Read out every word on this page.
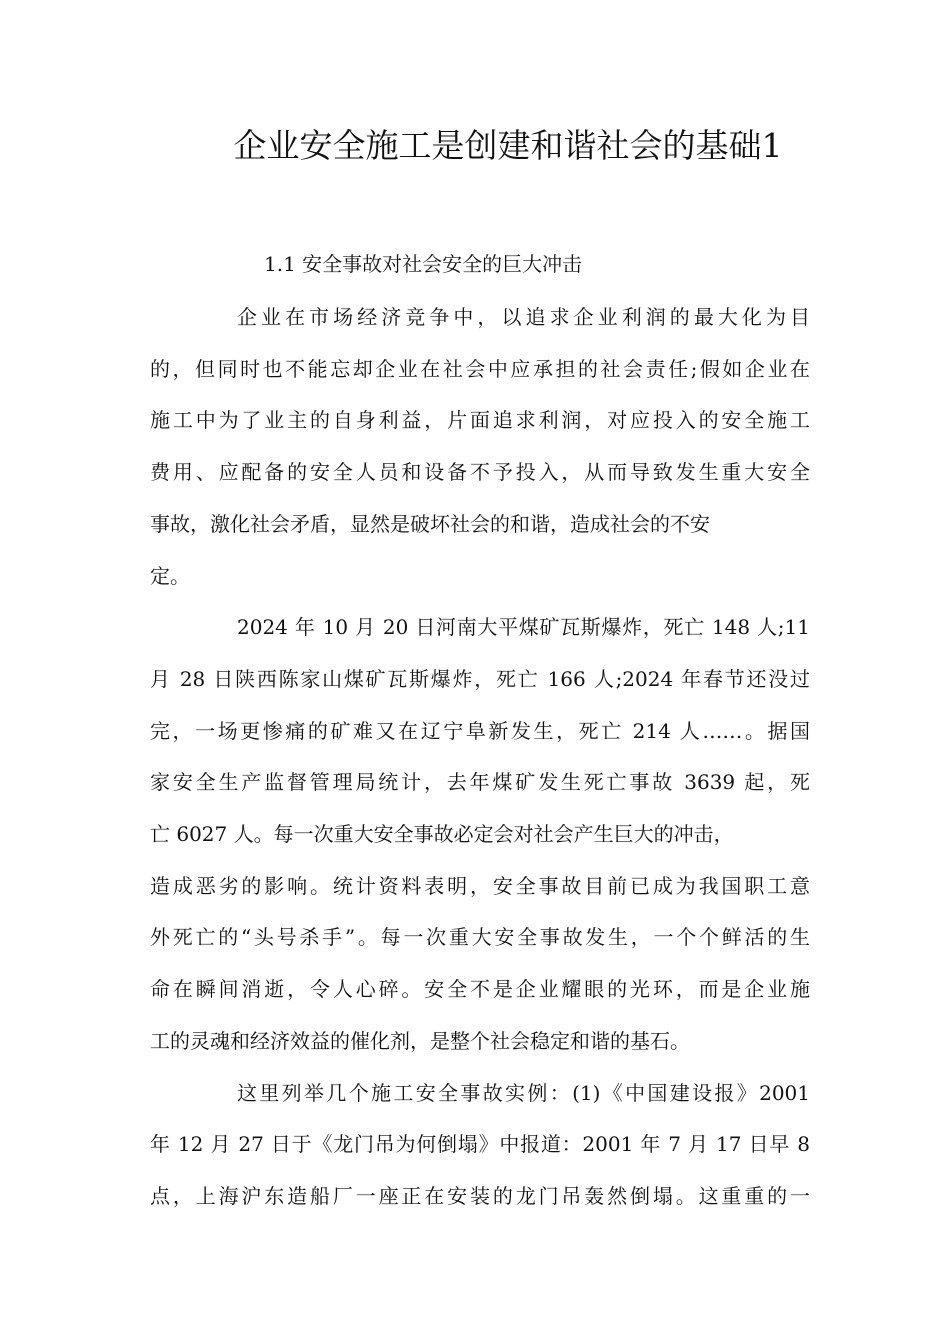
企业安全施工是创建和谐社会的基础1
1.1 安全事故对社会安全的巨大冲击

企业在市场经济竞争中，以追求企业利润的最大化为目
的，但同时也不能忘却企业在社会中应承担的社会责任;假如企业在
施工中为了业主的自身利益，片面追求利润，对应投入的安全施工
费用、应配备的安全人员和设备不予投入，从而导致发生重大安全
事故，激化社会矛盾，显然是破坏社会的和谐，造成社会的不安
定。

2024 年 10 月 20 日河南大平煤矿瓦斯爆炸，死亡 148 人;11
月 28 日陕西陈家山煤矿瓦斯爆炸，死亡 166 人;2024 年春节还没过
完，一场更惨痛的矿难又在辽宁阜新发生，死亡 214 人……。据国
家安全生产监督管理局统计，去年煤矿发生死亡事故 3639 起，死
亡 6027 人。每一次重大安全事故必定会对社会产生巨大的冲击，
造成恶劣的影响。统计资料表明，安全事故目前已成为我国职工意
外死亡的“头号杀手”。每一次重大安全事故发生，一个个鲜活的生
命在瞬间消逝，令人心碎。安全不是企业耀眼的光环，而是企业施
工的灵魂和经济效益的催化剂，是整个社会稳定和谐的基石。

这里列举几个施工安全事故实例：(1)《中国建设报》2001
年 12 月 27 日于《龙门吊为何倒塌》中报道：2001 年 7 月 17 日早 8
点，上海沪东造船厂一座正在安装的龙门吊轰然倒塌。这重重的一
